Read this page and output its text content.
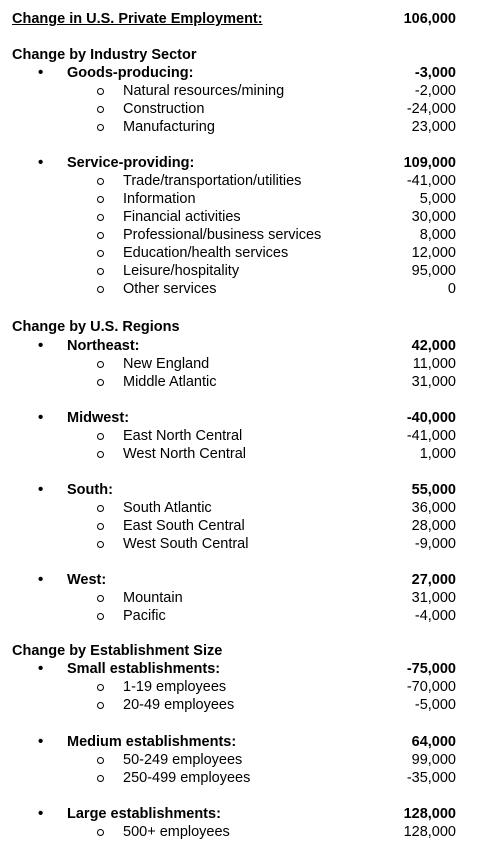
Change in U.S. Private Employment:	106,000
Change by Industry Sector
• Goods-producing:	-3,000
Natural resources/mining	-2,000
Construction	-24,000
Manufacturing	23,000
• Service-providing:	109,000
Trade/transportation/utilities	-41,000
Information	5,000
Financial activities	30,000
Professional/business services	8,000
Education/health services	12,000
Leisure/hospitality	95,000
Other services	0
Change by U.S. Regions
• Northeast:	42,000
New England	11,000
Middle Atlantic	31,000
• Midwest:	-40,000
East North Central	-41,000
West North Central	1,000
• South:	55,000
South Atlantic	36,000
East South Central	28,000
West South Central	-9,000
• West:	27,000
Mountain	31,000
Pacific	-4,000
Change by Establishment Size
• Small establishments:	-75,000
1-19 employees	-70,000
20-49 employees	-5,000
• Medium establishments:	64,000
50-249 employees	99,000
250-499 employees	-35,000
• Large establishments:	128,000
500+ employees	128,000
